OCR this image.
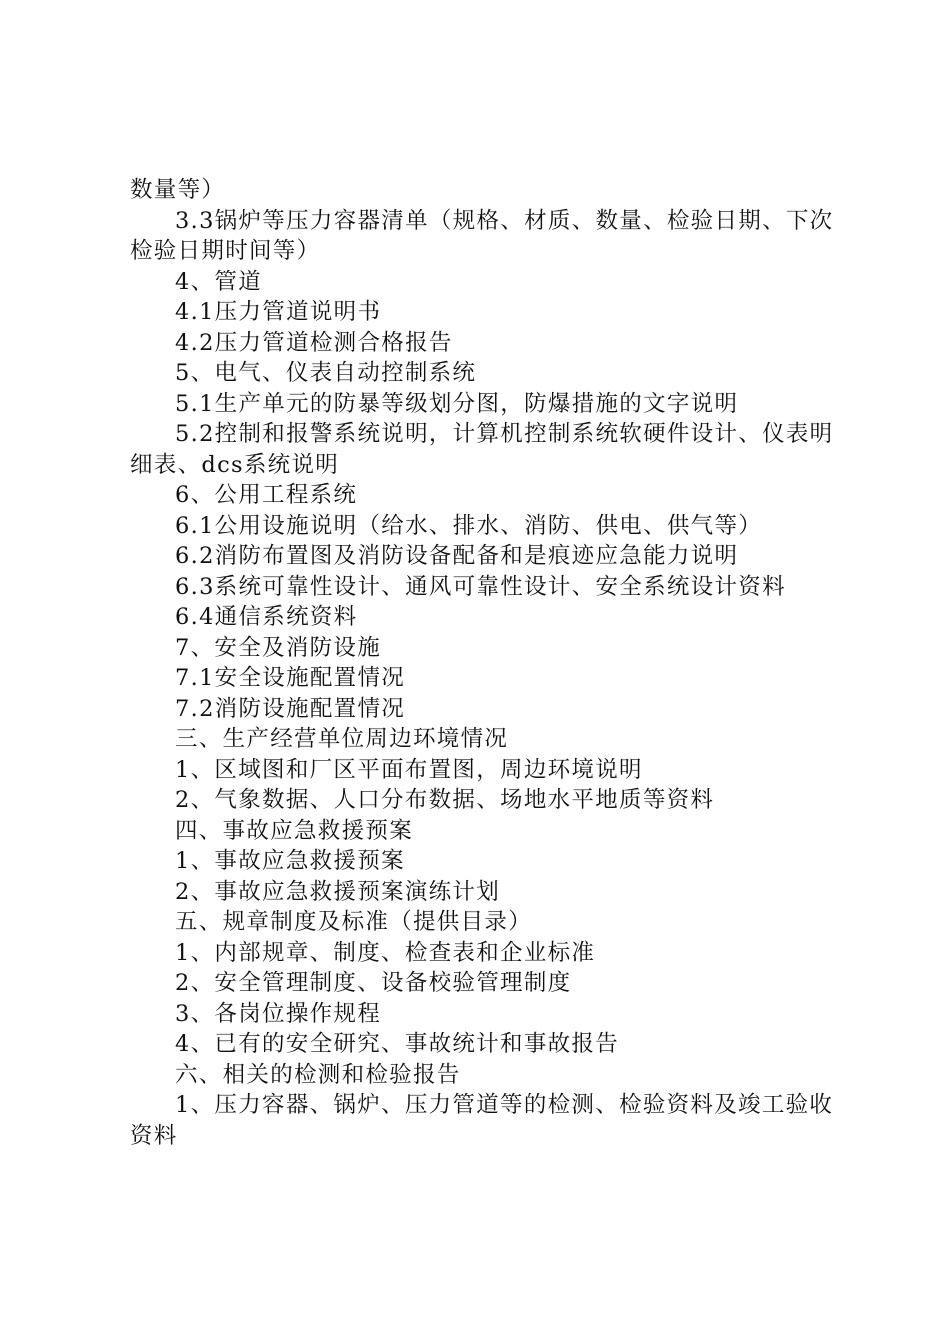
数量等）

3.3锅炉等压力容器清单（规格、材质、数量、检验日期、下次检验日期时间等）

4、管道

4.1压力管道说明书

4.2压力管道检测合格报告

5、电气、仪表自动控制系统

5.1生产单元的防暴等级划分图，防爆措施的文字说明

5.2控制和报警系统说明，计算机控制系统软硬件设计、仪表明细表、dcs系统说明

6、公用工程系统

6.1公用设施说明（给水、排水、消防、供电、供气等）

6.2消防布置图及消防设备配备和是痕迹应急能力说明

6.3系统可靠性设计、通风可靠性设计、安全系统设计资料

6.4通信系统资料

7、安全及消防设施

7.1安全设施配置情况

7.2消防设施配置情况

三、生产经营单位周边环境情况

1、区域图和厂区平面布置图，周边环境说明

2、气象数据、人口分布数据、场地水平地质等资料

四、事故应急救援预案

1、事故应急救援预案

2、事故应急救援预案演练计划

五、规章制度及标准（提供目录）

1、内部规章、制度、检查表和企业标准

2、安全管理制度、设备校验管理制度

3、各岗位操作规程

4、已有的安全研究、事故统计和事故报告

六、相关的检测和检验报告

1、压力容器、锅炉、压力管道等的检测、检验资料及竣工验收资料
